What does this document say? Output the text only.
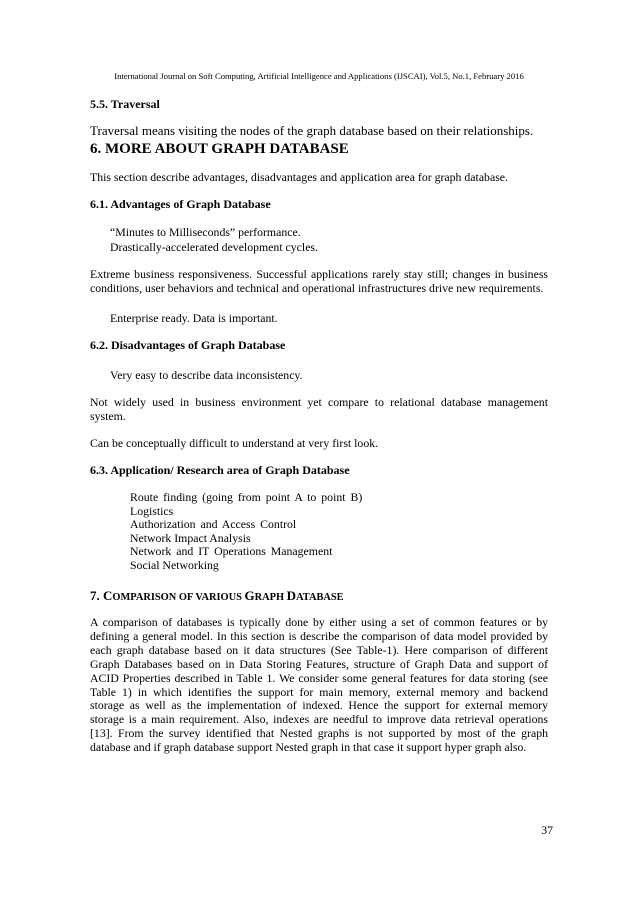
International Journal on Soft Computing, Artificial Intelligence and Applications (IJSCAI), Vol.5, No.1, February 2016
5.5. Traversal
Traversal means visiting the nodes of the graph database based on their relationships.
6. MORE ABOUT GRAPH DATABASE
This section describe advantages, disadvantages and application area for graph database.
6.1. Advantages of Graph Database
“Minutes to Milliseconds” performance.
Drastically-accelerated development cycles.
Extreme business responsiveness. Successful applications rarely stay still; changes in business
conditions, user behaviors and technical and operational infrastructures drive new requirements.
Enterprise ready. Data is important.
6.2. Disadvantages of Graph Database
Very easy to describe data inconsistency.
Not widely used in business environment yet compare to relational database management
system.
Can be conceptually difficult to understand at very first look.
6.3. Application/ Research area of Graph Database
Route finding (going from point A to point B)
Logistics
Authorization and Access Control
Network Impact Analysis
Network and IT Operations Management
Social Networking
7. COMPARISON OF VARIOUS GRAPH DATABASE
A comparison of databases is typically done by either using a set of common features or by
defining a general model. In this section is describe the comparison of data model provided by
each graph database based on it data structures (See Table-1). Here comparison of different
Graph Databases based on in Data Storing Features, structure of Graph Data and support of
ACID Properties described in Table 1. We consider some general features for data storing (see
Table 1) in which identifies the support for main memory, external memory and backend
storage as well as the implementation of indexed. Hence the support for external memory
storage is a main requirement. Also, indexes are needful to improve data retrieval operations
[13]. From the survey identified that Nested graphs is not supported by most of the graph
database and if graph database support Nested graph in that case it support hyper graph also.
37
